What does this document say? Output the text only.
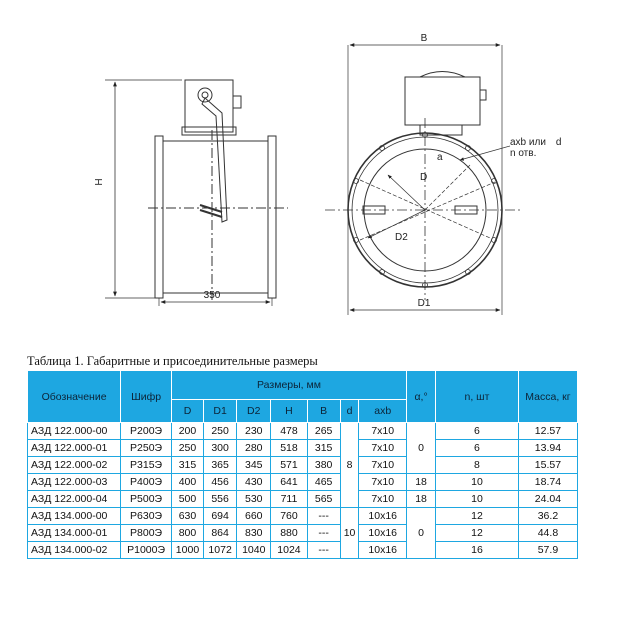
H
350
B
D1
D
D2
a
axb или d
n отв.
Таблица 1. Габаритные и присоединительные размеры
Обозначение	Шифр	Размеры, мм							α,°	n, шт	Масса, кг
		D	D1	D2	H	B	d	axb			
АЗД 122.000-00	Р200Э	200	250	230	478	265	8	7х10	0	6	12.57
АЗД 122.000-01	Р250Э	250	300	280	518	315		7х10		6	13.94
АЗД 122.000-02	Р315Э	315	365	345	571	380		7х10		8	15.57
АЗД 122.000-03	Р400Э	400	456	430	641	465		7х10	18	10	18.74
АЗД 122.000-04	Р500Э	500	556	530	711	565		7х10	18	10	24.04
АЗД 134.000-00	Р630Э	630	694	660	760	---	10	10х16	0	12	36.2
АЗД 134.000-01	Р800Э	800	864	830	880	---		10х16		12	44.8
АЗД 134.000-02	Р1000Э	1000	1072	1040	1024	---		10х16		16	57.9
